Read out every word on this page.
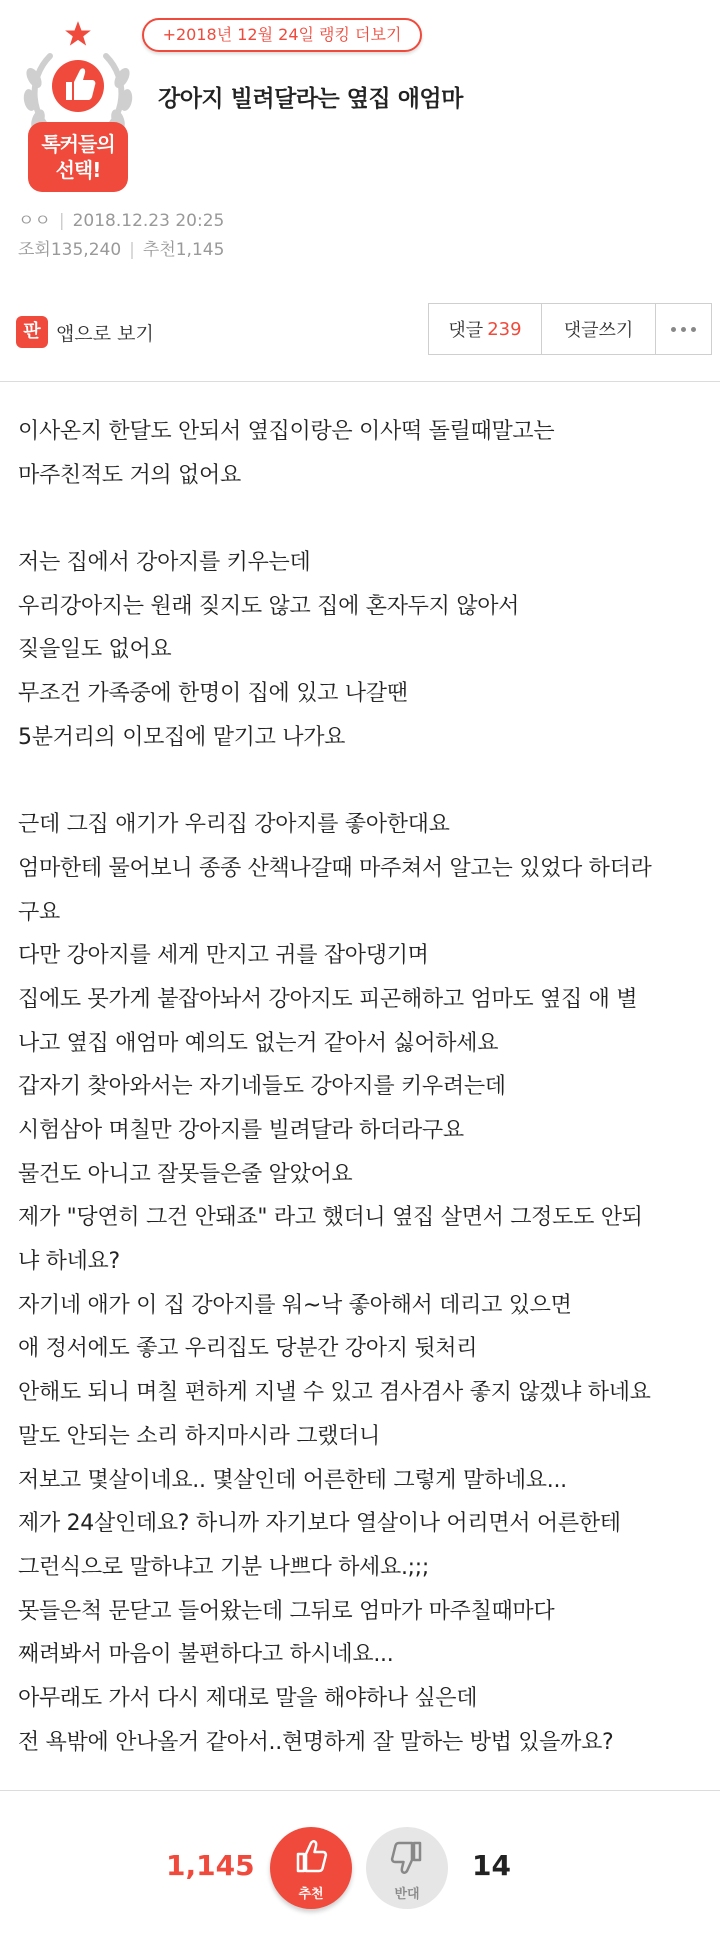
톡커들의
선택!
+2018년 12월 24일 랭킹 더보기
강아지 빌려달라는 옆집 애엄마
ㅇㅇ | 2018.12.23 20:25
조회135,240 | 추천1,145
판 앱으로 보기	댓글 239	댓글쓰기
이사온지 한달도 안되서 옆집이랑은 이사떡 돌릴때말고는
마주친적도 거의 없어요
저는 집에서 강아지를 키우는데
우리강아지는 원래 짖지도 않고 집에 혼자두지 않아서
짖을일도 없어요
무조건 가족중에 한명이 집에 있고 나갈땐
5분거리의 이모집에 맡기고 나가요
근데 그집 애기가 우리집 강아지를 좋아한대요
엄마한테 물어보니 종종 산책나갈때 마주쳐서 알고는 있었다 하더라
구요
다만 강아지를 세게 만지고 귀를 잡아댕기며
집에도 못가게 붙잡아놔서 강아지도 피곤해하고 엄마도 옆집 애 별
나고 옆집 애엄마 예의도 없는거 같아서 싫어하세요
갑자기 찾아와서는 자기네들도 강아지를 키우려는데
시험삼아 며칠만 강아지를 빌려달라 하더라구요
물건도 아니고 잘못들은줄 알았어요
제가 "당연히 그건 안돼죠" 라고 했더니 옆집 살면서 그정도도 안되
냐 하네요?
자기네 애가 이 집 강아지를 워~낙 좋아해서 데리고 있으면
애 정서에도 좋고 우리집도 당분간 강아지 뒷처리
안해도 되니 며칠 편하게 지낼 수 있고 겸사겸사 좋지 않겠냐 하네요
말도 안되는 소리 하지마시라 그랬더니
저보고 몇살이네요.. 몇살인데 어른한테 그렇게 말하네요...
제가 24살인데요? 하니까 자기보다 열살이나 어리면서 어른한테
그런식으로 말하냐고 기분 나쁘다 하세요.;;;
못들은척 문닫고 들어왔는데 그뒤로 엄마가 마주칠때마다
째려봐서 마음이 불편하다고 하시네요...
아무래도 가서 다시 제대로 말을 해야하나 싶은데
전 욕밖에 안나올거 같아서..현명하게 잘 말하는 방법 있을까요?
1,145
추천	반대
14
